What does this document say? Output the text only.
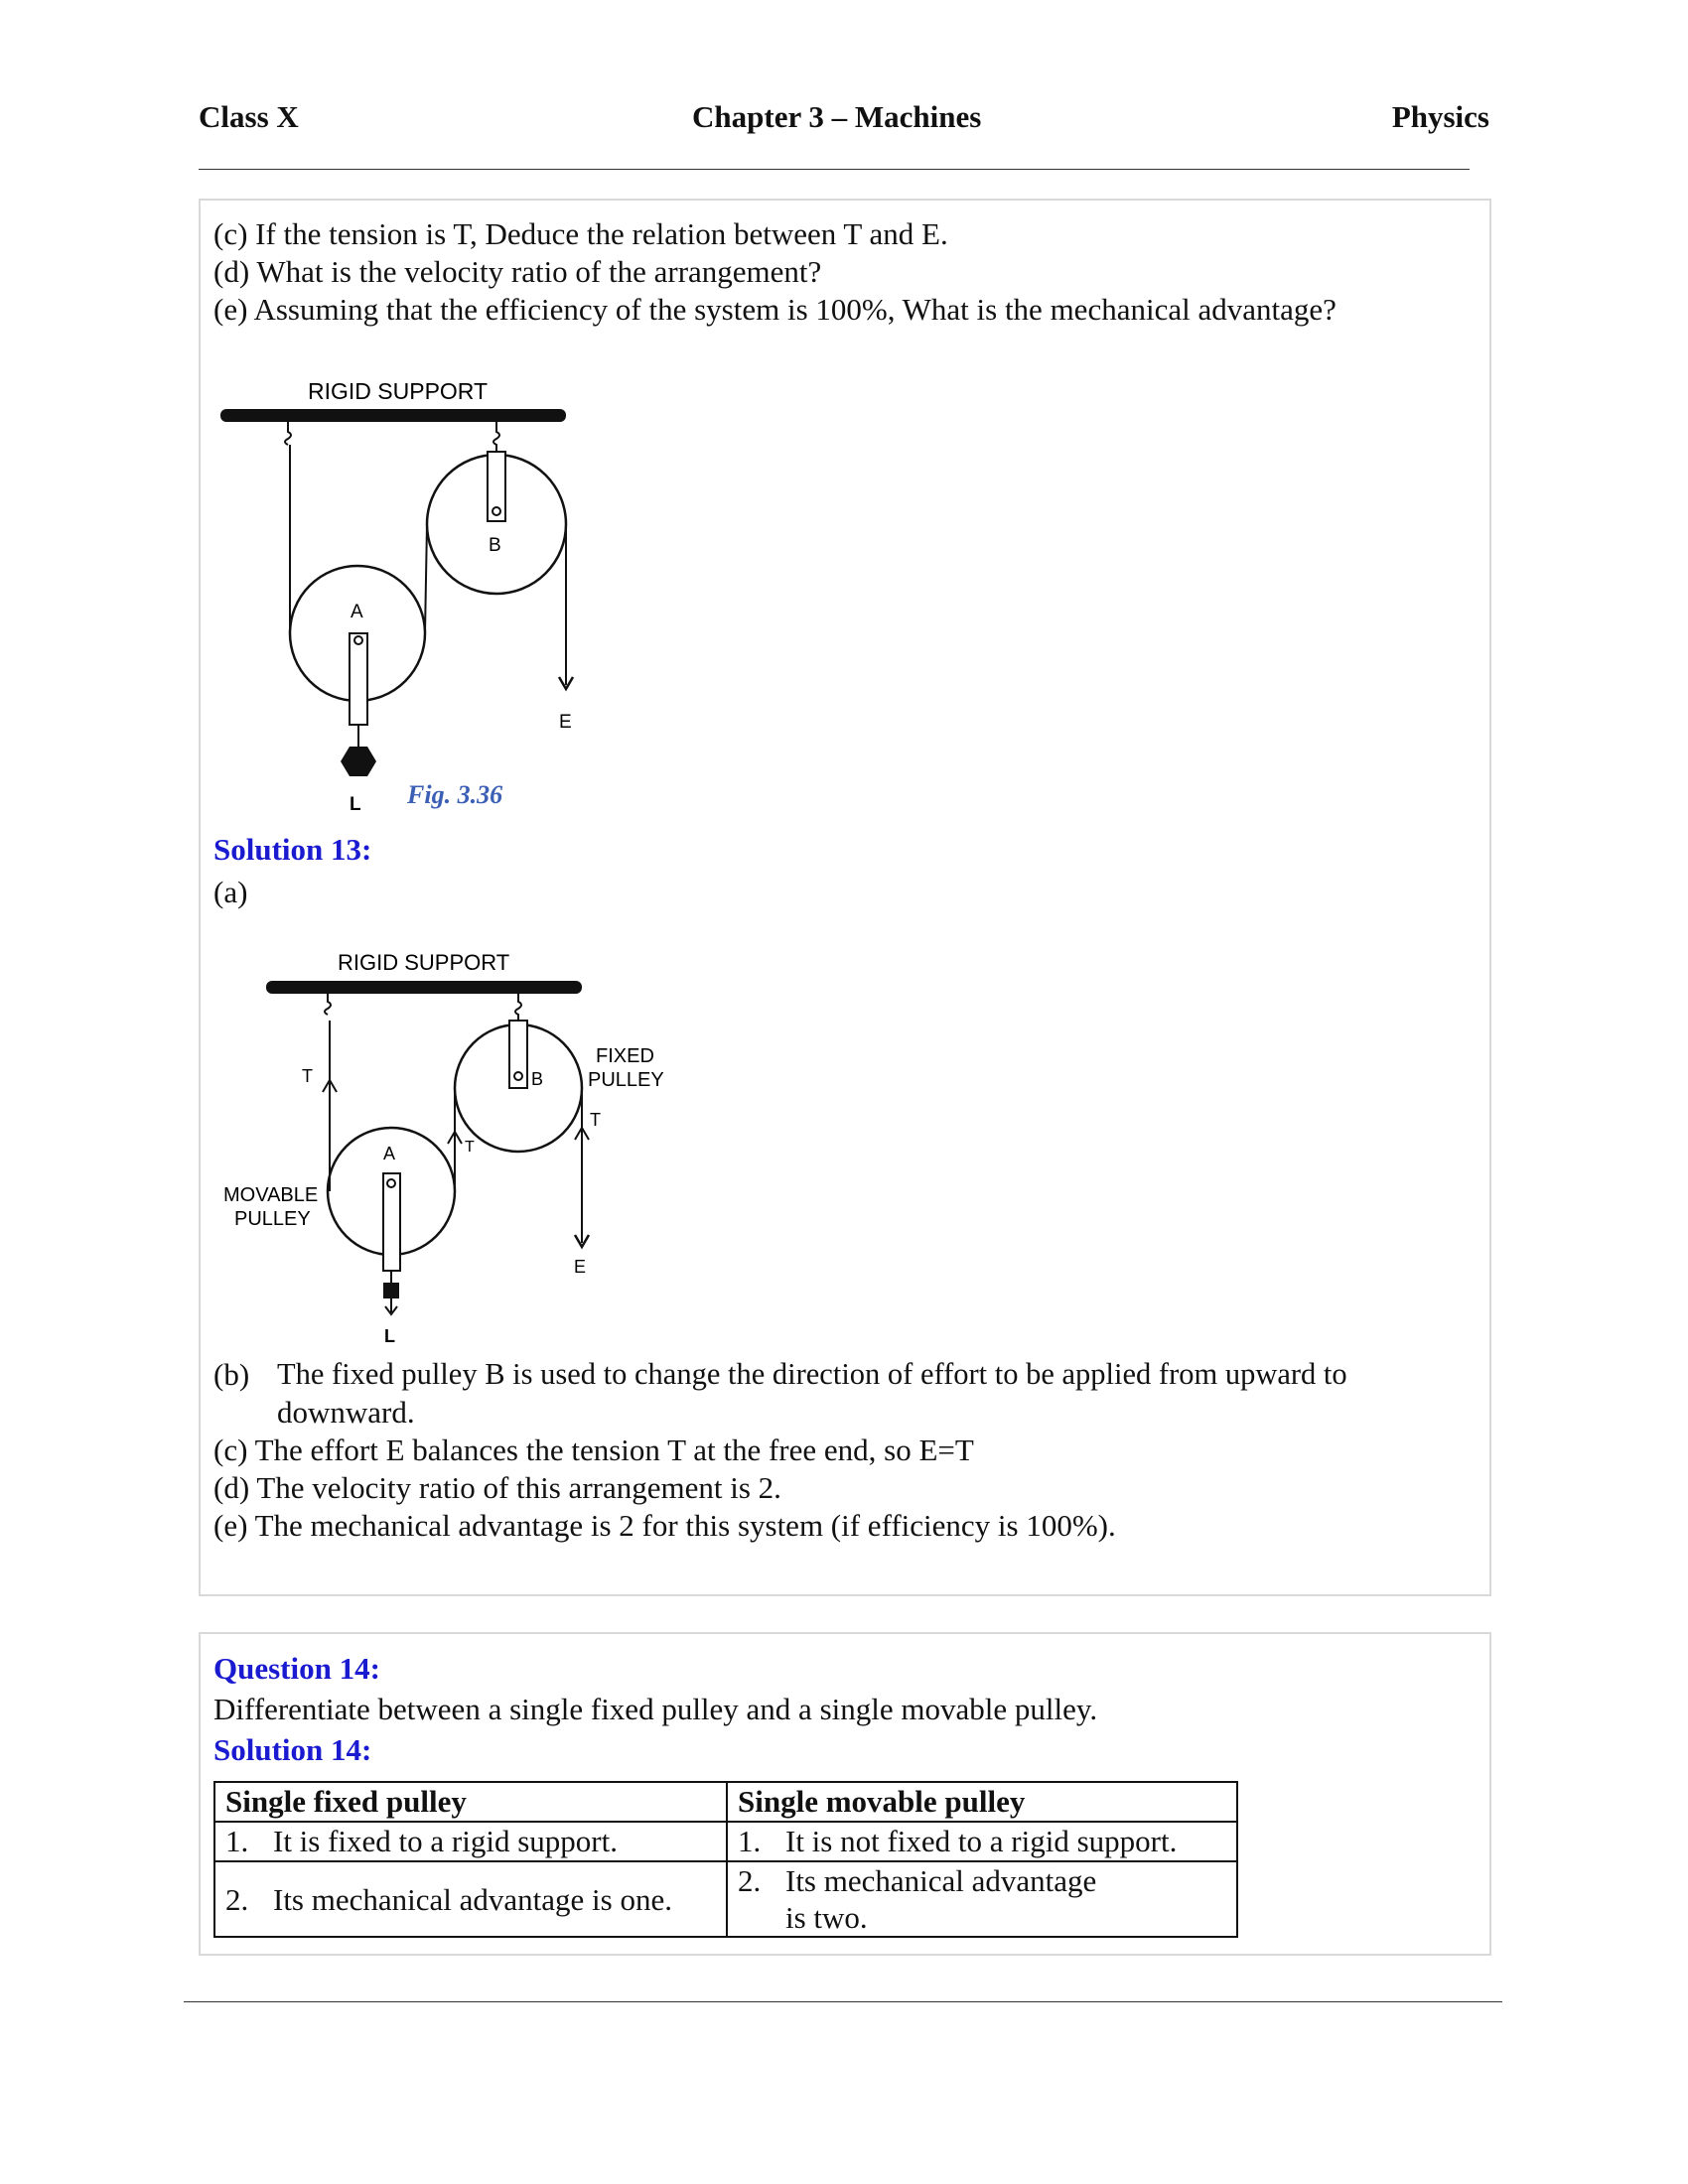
Class X	Chapter 3 – Machines	Physics
(c) If the tension is T, Deduce the relation between T and E.
(d) What is the velocity ratio of the arrangement?
(e) Assuming that the efficiency of the system is 100%, What is the mechanical advantage?
RIGID SUPPORT
B
A
E
L Fig. 3.36
Solution 13:
(a)
RIGID SUPPORT
B
FIXED
PULLEY
A
MOVABLE
PULLEY
T
T
T
E
L
(b) The fixed pulley B is used to change the direction of effort to be applied from upward to
downward.
(c) The effort E balances the tension T at the free end, so E=T
(d) The velocity ratio of this arrangement is 2.
(e) The mechanical advantage is 2 for this system (if efficiency is 100%).
Question 14:
Differentiate between a single fixed pulley and a single movable pulley.
Solution 14:
Single fixed pulley	Single movable pulley
1. It is fixed to a rigid support.	1. It is not fixed to a rigid support.
2. Its mechanical advantage is one.	2. Its mechanical advantage
is two.
